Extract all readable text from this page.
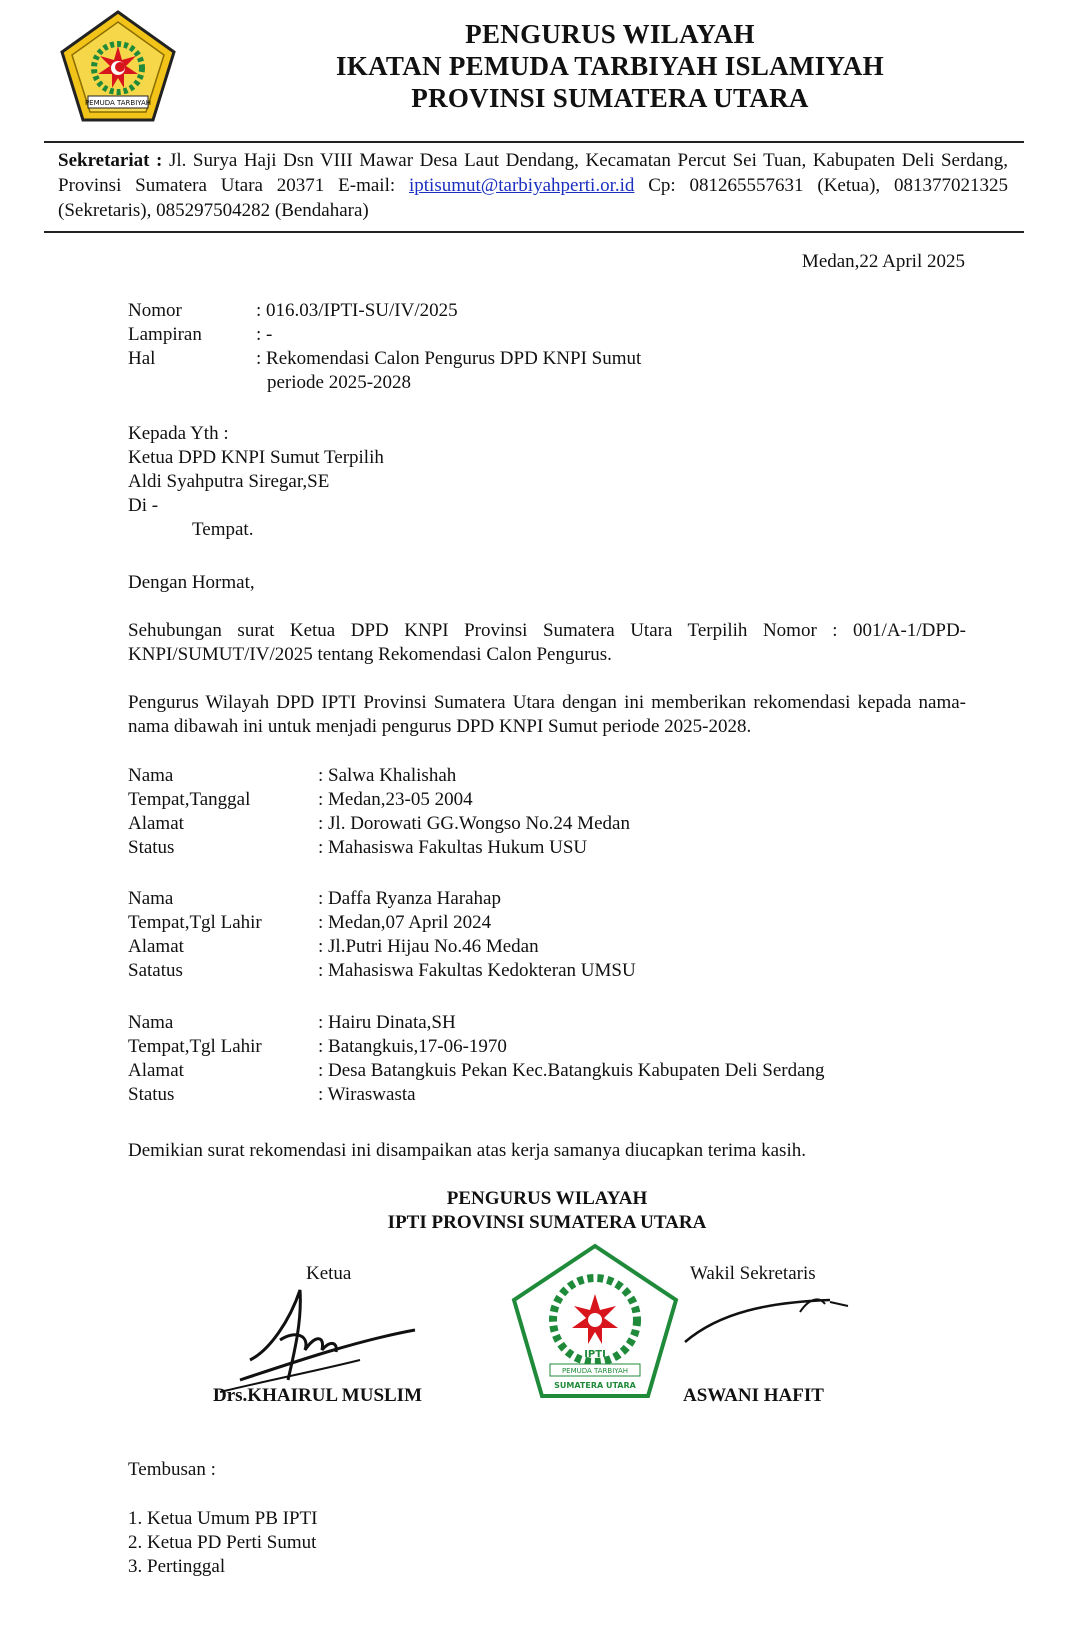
PEMUDA TARBIYAH
PENGURUS WILAYAH
IKATAN PEMUDA TARBIYAH ISLAMIYAH
PROVINSI SUMATERA UTARA
Sekretariat : Jl. Surya Haji Dsn VIII Mawar Desa Laut Dendang, Kecamatan Percut Sei Tuan, Kabupaten Deli Serdang, Provinsi Sumatera Utara 20371 E-mail: iptisumut@tarbiyahperti.or.id Cp: 081265557631 (Ketua), 081377021325 (Sekretaris), 085297504282 (Bendahara)
Medan,22 April 2025
Nomor	: 016.03/IPTI-SU/IV/2025
Lampiran	: -
Hal	: Rekomendasi Calon Pengurus DPD KNPI Sumut
periode 2025-2028
Kepada Yth :
Ketua DPD KNPI Sumut Terpilih
Aldi Syahputra Siregar,SE
Di -
Tempat.
Dengan Hormat,
Sehubungan surat Ketua DPD KNPI Provinsi Sumatera Utara Terpilih Nomor : 001/A-1/DPD-KNPI/SUMUT/IV/2025 tentang Rekomendasi Calon Pengurus.
Pengurus Wilayah DPD IPTI Provinsi Sumatera Utara dengan ini memberikan rekomendasi kepada nama-nama dibawah ini untuk menjadi pengurus DPD KNPI Sumut periode 2025-2028.
Nama	: Salwa Khalishah
Tempat,Tanggal	: Medan,23-05 2004
Alamat	: Jl. Dorowati GG.Wongso No.24 Medan
Status	: Mahasiswa Fakultas Hukum USU
Nama	: Daffa Ryanza Harahap
Tempat,Tgl Lahir	: Medan,07 April 2024
Alamat	: Jl.Putri Hijau No.46 Medan
Satatus	: Mahasiswa Fakultas Kedokteran UMSU
Nama	: Hairu Dinata,SH
Tempat,Tgl Lahir	: Batangkuis,17-06-1970
Alamat	: Desa Batangkuis Pekan Kec.Batangkuis Kabupaten Deli Serdang
Status	: Wiraswasta
Demikian surat rekomendasi ini disampaikan atas kerja samanya diucapkan terima kasih.
PENGURUS WILAYAH
IPTI PROVINSI SUMATERA UTARA
Ketua	Wakil Sekretaris
IPTI
PEMUDA TARBIYAH
SUMATERA UTARA
Drs.KHAIRUL MUSLIM	ASWANI HAFIT
Tembusan :
1. Ketua Umum PB IPTI
2. Ketua PD Perti Sumut
3. Pertinggal
